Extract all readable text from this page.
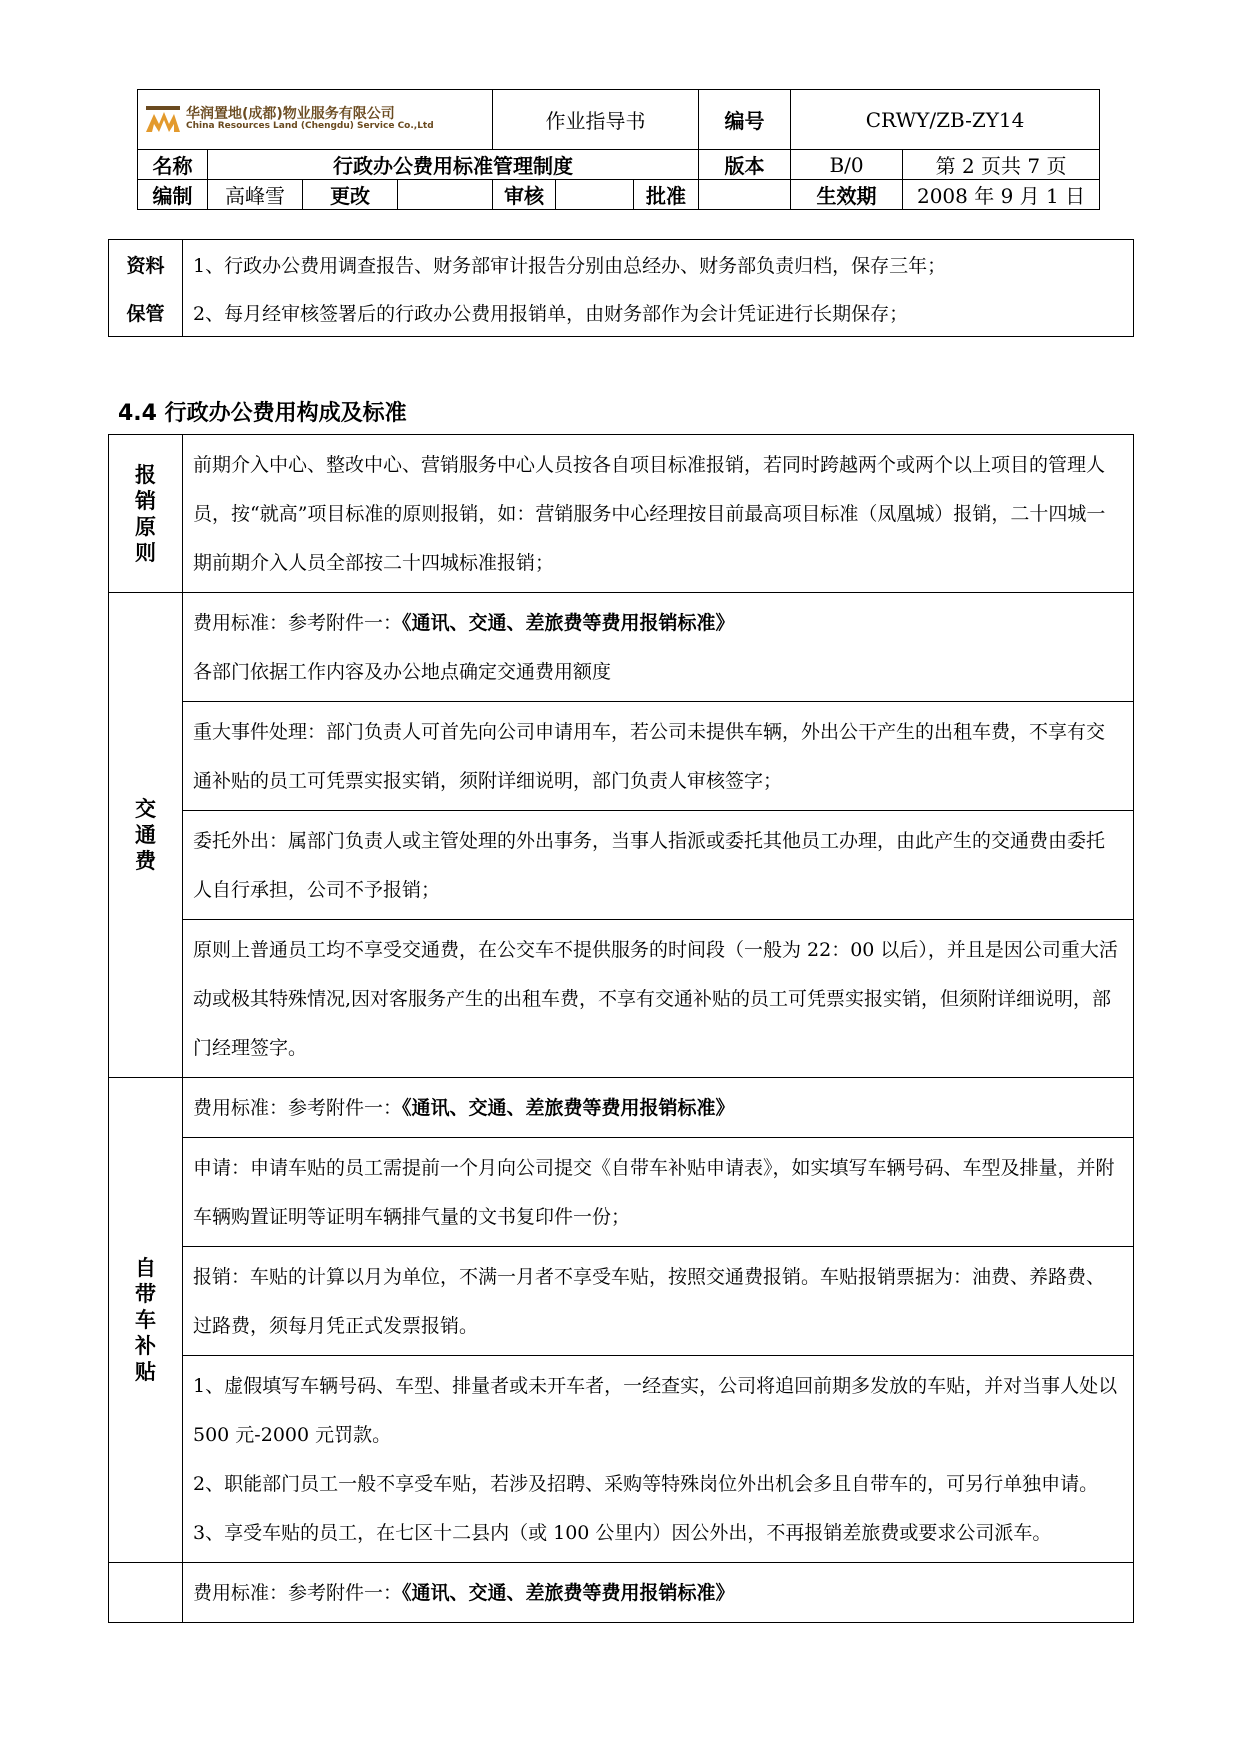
华润置地(成都)物业服务有限公司
China Resources Land (Chengdu) Service Co.,Ltd				作业指导书			编号	CRWY/ZB-ZY14	
名称	行政办公费用标准管理制度						版本	B/0	第 2 页共 7 页
编制	高峰雪	更改		审核		批准		生效期	2008 年 9 月 1 日
资料	1、行政办公费用调查报告、财务部审计报告分别由总经办、财务部负责归档，保存三年；
保管	2、每月经审核签署后的行政办公费用报销单，由财务部作为会计凭证进行长期保存；
4.4 行政办公费用构成及标准
报销原则	前期介入中心、整改中心、营销服务中心人员按各自项目标准报销，若同时跨越两个或两个以上项目的管理人员，按“就高”项目标准的原则报销，如：营销服务中心经理按目前最高项目标准（凤凰城）报销，二十四城一期前期介入人员全部按二十四城标准报销；

交通费	费用标准：参考附件一：《通讯、交通、差旅费等费用报销标准》
各部门依据工作内容及办公地点确定交通费用额度

	重大事件处理：部门负责人可首先向公司申请用车，若公司未提供车辆，外出公干产生的出租车费，不享有交通补贴的员工可凭票实报实销，须附详细说明，部门负责人审核签字；
	委托外出：属部门负责人或主管处理的外出事务，当事人指派或委托其他员工办理，由此产生的交通费由委托人自行承担，公司不予报销；
	原则上普通员工均不享受交通费，在公交车不提供服务的时间段（一般为 22：00 以后），并且是因公司重大活动或极其特殊情况,因对客服务产生的出租车费，不享有交通补贴的员工可凭票实报实销，但须附详细说明，部门经理签字。

自带车补贴	费用标准：参考附件一：《通讯、交通、差旅费等费用报销标准》
	申请：申请车贴的员工需提前一个月向公司提交《自带车补贴申请表》，如实填写车辆号码、车型及排量，并附车辆购置证明等证明车辆排气量的文书复印件一份；
	报销：车贴的计算以月为单位，不满一月者不享受车贴，按照交通费报销。车贴报销票据为：油费、养路费、过路费，须每月凭正式发票报销。

	1、虚假填写车辆号码、车型、排量者或未开车者，一经查实，公司将追回前期多发放的车贴，并对当事人处以 500 元-2000 元罚款。
2、职能部门员工一般不享受车贴，若涉及招聘、采购等特殊岗位外出机会多且自带车的，可另行单独申请。
3、享受车贴的员工，在七区十二县内（或 100 公里内）因公外出，不再报销差旅费或要求公司派车。

	费用标准：参考附件一：《通讯、交通、差旅费等费用报销标准》
